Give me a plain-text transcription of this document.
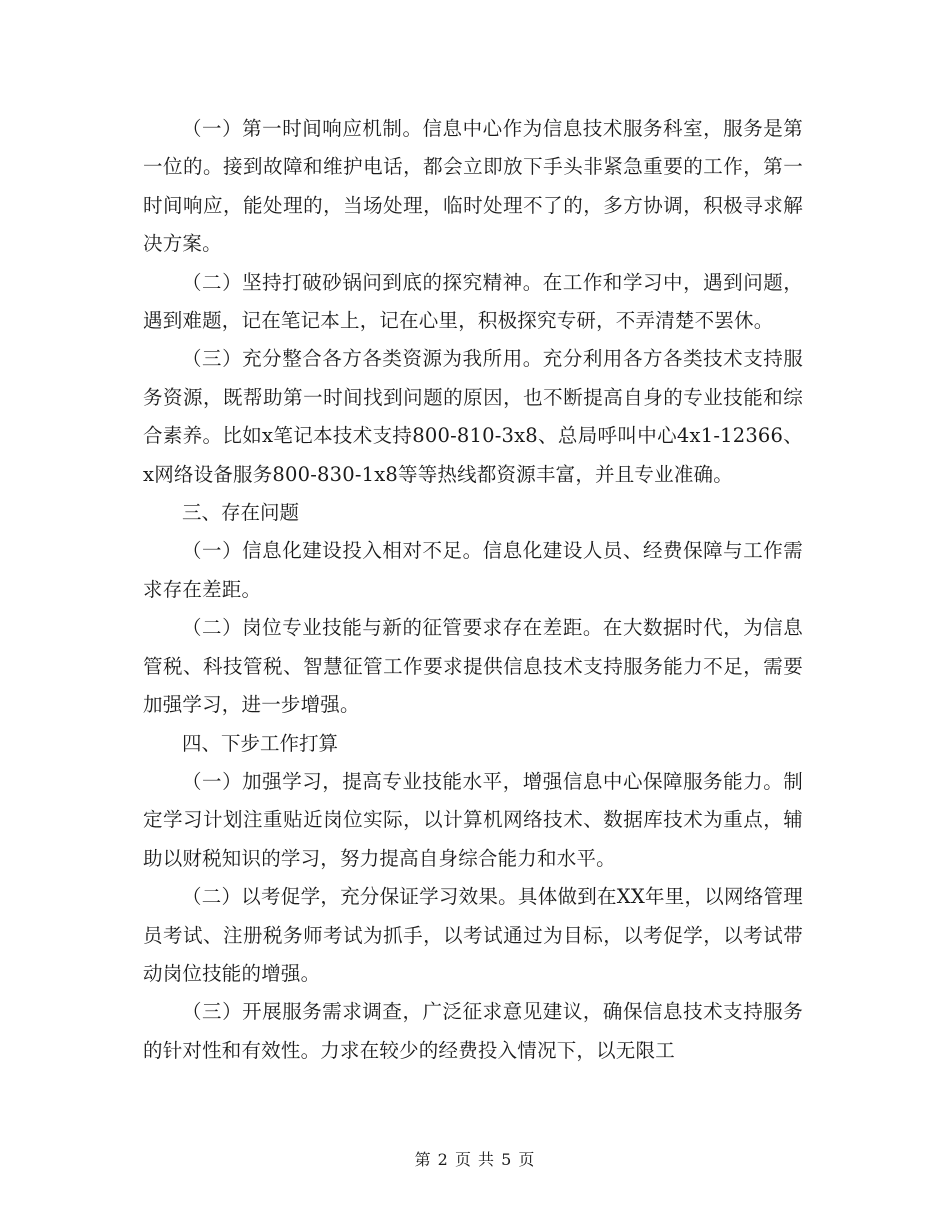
（一）第一时间响应机制。信息中心作为信息技术服务科室，服务是第一位的。接到故障和维护电话，都会立即放下手头非紧急重要的工作，第一时间响应，能处理的，当场处理，临时处理不了的，多方协调，积极寻求解决方案。

（二）坚持打破砂锅问到底的探究精神。在工作和学习中，遇到问题，遇到难题，记在笔记本上，记在心里，积极探究专研，不弄清楚不罢休。

（三）充分整合各方各类资源为我所用。充分利用各方各类技术支持服务资源，既帮助第一时间找到问题的原因，也不断提高自身的专业技能和综合素养。比如x笔记本技术支持800-810-3x8、总局呼叫中心4x1-12366、x网络设备服务800-830-1x8等等热线都资源丰富，并且专业准确。

三、存在问题

（一）信息化建设投入相对不足。信息化建设人员、经费保障与工作需求存在差距。

（二）岗位专业技能与新的征管要求存在差距。在大数据时代，为信息管税、科技管税、智慧征管工作要求提供信息技术支持服务能力不足，需要加强学习，进一步增强。

四、下步工作打算

（一）加强学习，提高专业技能水平，增强信息中心保障服务能力。制定学习计划注重贴近岗位实际，以计算机网络技术、数据库技术为重点，辅助以财税知识的学习，努力提高自身综合能力和水平。

（二）以考促学，充分保证学习效果。具体做到在XX年里，以网络管理员考试、注册税务师考试为抓手，以考试通过为目标，以考促学，以考试带动岗位技能的增强。

（三）开展服务需求调查，广泛征求意见建议，确保信息技术支持服务的针对性和有效性。力求在较少的经费投入情况下，以无限工

第 2 页 共 5 页
